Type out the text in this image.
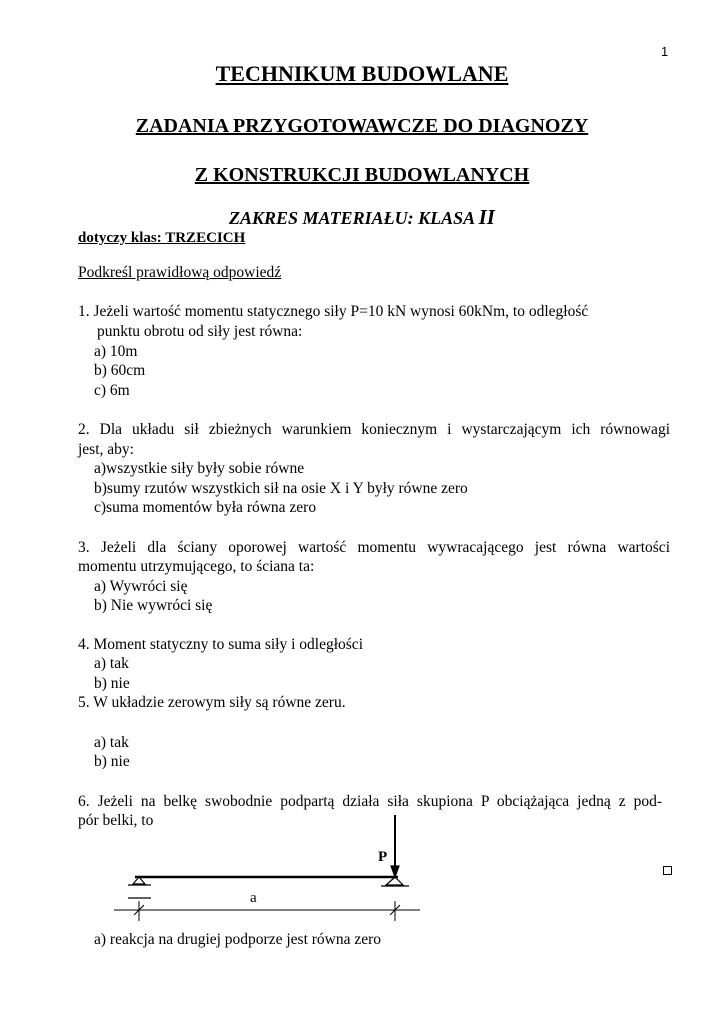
1
TECHNIKUM BUDOWLANE
ZADANIA PRZYGOTOWAWCZE DO DIAGNOZY
Z KONSTRUKCJI BUDOWLANYCH
ZAKRES MATERIAŁU: KLASA II
dotyczy klas: TRZECICH
Podkreśl prawidłową odpowiedź
1. Jeżeli wartość momentu statycznego siły P=10 kN wynosi 60kNm, to odległość
punktu obrotu od siły jest równa:
a) 10m
b) 60cm
c) 6m
2. Dla układu sił zbieżnych warunkiem koniecznym i wystarczającym ich równowagi
jest, aby:
a)wszystkie siły były sobie równe
b)sumy rzutów wszystkich sił na osie X i Y były równe zero
c)suma momentów była równa zero
3. Jeżeli dla ściany oporowej wartość momentu wywracającego jest równa wartości
momentu utrzymującego, to ściana ta:
a) Wywróci się
b) Nie wywróci się
4. Moment statyczny to suma siły i odległości
a) tak
b) nie
5. W układzie zerowym siły są równe zeru.
a) tak
b) nie
6. Jeżeli na belkę swobodnie podpartą działa siła skupiona P obciążająca jedną z pod-
pór belki, to
P
a
a) reakcja na drugiej podporze jest równa zero
